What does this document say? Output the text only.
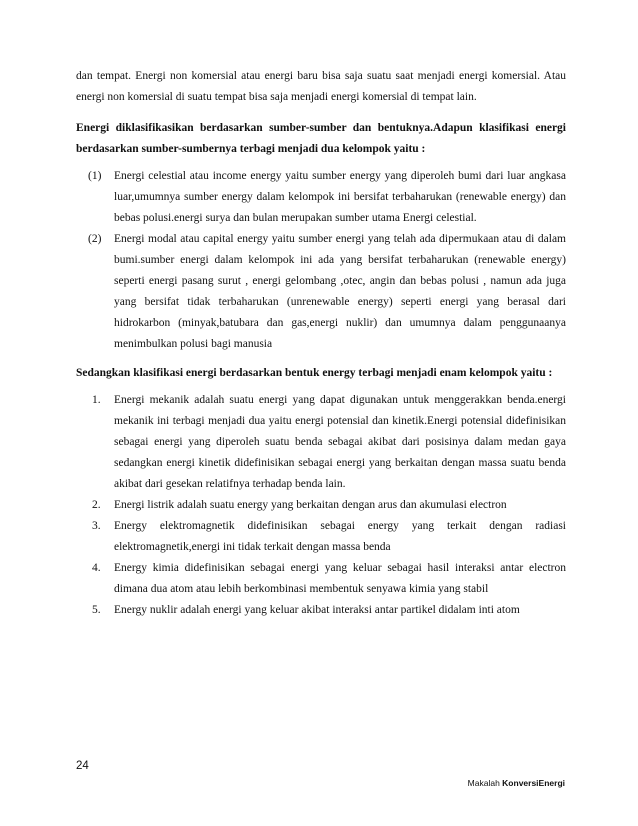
dan tempat. Energi non komersial atau energi baru bisa saja suatu saat menjadi energi komersial. Atau energi non komersial di suatu tempat bisa saja menjadi energi komersial di tempat lain.

Energi diklasifikasikan berdasarkan sumber-sumber dan bentuknya.Adapun klasifikasi energi berdasarkan sumber-sumbernya terbagi menjadi dua kelompok yaitu :

(1) Energi celestial atau income energy yaitu sumber energy yang diperoleh bumi dari luar angkasa luar,umumnya sumber energy dalam kelompok ini bersifat terbaharukan (renewable energy) dan bebas polusi.energi surya dan bulan merupakan sumber utama Energi celestial.
(2) Energi modal atau capital energy yaitu sumber energi yang telah ada dipermukaan atau di dalam bumi.sumber energi dalam kelompok ini ada yang bersifat terbaharukan (renewable energy) seperti energi pasang surut , energi gelombang ,otec, angin dan bebas polusi , namun ada juga yang bersifat tidak terbaharukan (unrenewable energy) seperti energi yang berasal dari hidrokarbon (minyak,batubara dan gas,energi nuklir) dan umumnya dalam penggunaanya menimbulkan polusi bagi manusia

Sedangkan klasifikasi energi berdasarkan bentuk energy terbagi menjadi enam kelompok yaitu :

1. Energi mekanik adalah suatu energi yang dapat digunakan untuk menggerakkan benda.energi mekanik ini terbagi menjadi dua yaitu energi potensial dan kinetik.Energi potensial didefinisikan sebagai energi yang diperoleh suatu benda sebagai akibat dari posisinya dalam medan gaya sedangkan energi kinetik didefinisikan sebagai energi yang berkaitan dengan massa suatu benda akibat dari gesekan relatifnya terhadap benda lain.
2. Energi listrik adalah suatu energy yang berkaitan dengan arus dan akumulasi electron
3. Energy elektromagnetik didefinisikan sebagai energy yang terkait dengan radiasi elektromagnetik,energi ini tidak terkait dengan massa benda
4. Energy kimia didefinisikan sebagai energi yang keluar sebagai hasil interaksi antar electron dimana dua atom atau lebih berkombinasi membentuk senyawa kimia yang stabil
5. Energy nuklir adalah energi yang keluar akibat interaksi antar partikel didalam inti atom
24
Makalah KonversiEnergi
